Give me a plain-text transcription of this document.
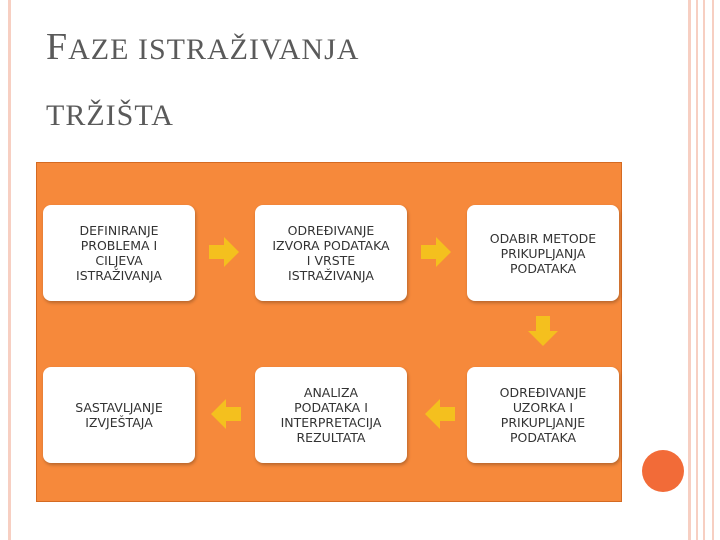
FAZE ISTRAŽIVANJA
TRŽIŠTA
DEFINIRANJE
PROBLEMA I
CILJEVA
ISTRAŽIVANJA
ODREĐIVANJE
IZVORA PODATAKA
I VRSTE
ISTRAŽIVANJA
ODABIR METODE
PRIKUPLJANJA
PODATAKA
ODREĐIVANJE
UZORKA I
PRIKUPLJANJE
PODATAKA
ANALIZA
PODATAKA I
INTERPRETACIJA
REZULTATA
SASTAVLJANJE
IZVJEŠTAJA
